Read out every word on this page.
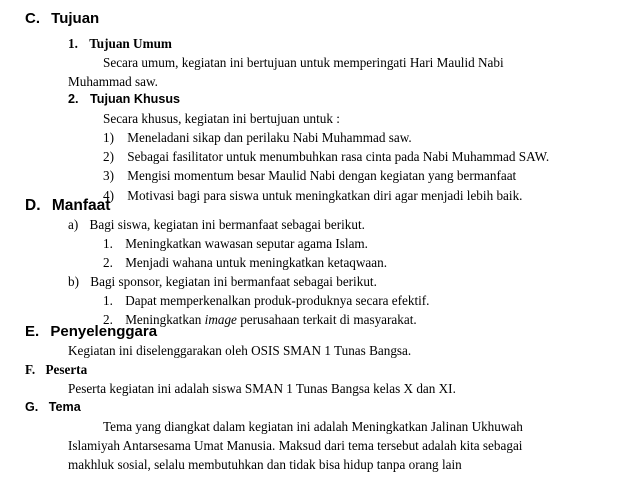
C. Tujuan
1. Tujuan Umum
Secara umum, kegiatan ini bertujuan untuk memperingati Hari Maulid Nabi
Muhammad saw.
2. Tujuan Khusus
Secara khusus, kegiatan ini bertujuan untuk :
1) Meneladani sikap dan perilaku Nabi Muhammad saw.
2) Sebagai fasilitator untuk menumbuhkan rasa cinta pada Nabi Muhammad SAW.
3) Mengisi momentum besar Maulid Nabi dengan kegiatan yang bermanfaat
4) Motivasi bagi para siswa untuk meningkatkan diri agar menjadi lebih baik.
D. Manfaat
a) Bagi siswa, kegiatan ini bermanfaat sebagai berikut.
1. Meningkatkan wawasan seputar agama Islam.
2. Menjadi wahana untuk meningkatkan ketaqwaan.
b) Bagi sponsor, kegiatan ini bermanfaat sebagai berikut.
1. Dapat memperkenalkan produk-produknya secara efektif.
2. Meningkatkan image perusahaan terkait di masyarakat.
E. Penyelenggara
Kegiatan ini diselenggarakan oleh OSIS SMAN 1 Tunas Bangsa.
F. Peserta
Peserta kegiatan ini adalah siswa SMAN 1 Tunas Bangsa kelas X dan XI.
G. Tema
Tema yang diangkat dalam kegiatan ini adalah Meningkatkan Jalinan Ukhuwah
Islamiyah Antarsesama Umat Manusia. Maksud dari tema tersebut adalah kita sebagai
makhluk sosial, selalu membutuhkan dan tidak bisa hidup tanpa orang lain
